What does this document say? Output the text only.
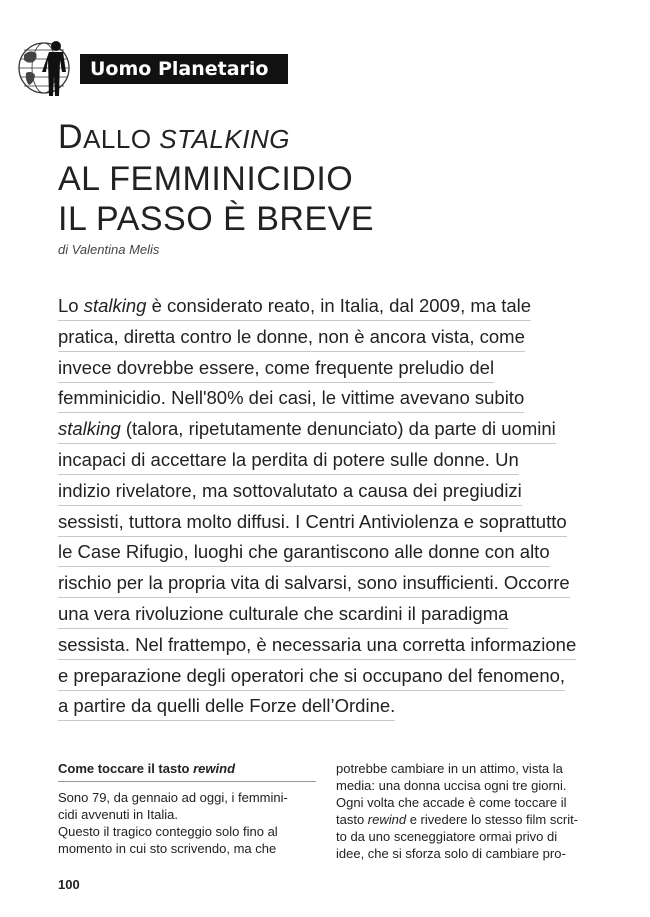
Uomo Planetario
DALLO STALKING
AL FEMMINICIDIO
IL PASSO È BREVE
di Valentina Melis
Lo stalking è considerato reato, in Italia, dal 2009, ma tale
pratica, diretta contro le donne, non è ancora vista, come
invece dovrebbe essere, come frequente preludio del
femminicidio. Nell'80% dei casi, le vittime avevano subito
stalking (talora, ripetutamente denunciato) da parte di uomini
incapaci di accettare la perdita di potere sulle donne. Un
indizio rivelatore, ma sottovalutato a causa dei pregiudizi
sessisti, tuttora molto diffusi. I Centri Antiviolenza e soprattutto
le Case Rifugio, luoghi che garantiscono alle donne con alto
rischio per la propria vita di salvarsi, sono insufficienti. Occorre
una vera rivoluzione culturale che scardini il paradigma
sessista. Nel frattempo, è necessaria una corretta informazione
e preparazione degli operatori che si occupano del fenomeno,
a partire da quelli delle Forze dell’Ordine.
Come toccare il tasto rewind
Sono 79, da gennaio ad oggi, i femmini-
cidi avvenuti in Italia.
Questo il tragico conteggio solo fino al
momento in cui sto scrivendo, ma che
potrebbe cambiare in un attimo, vista la
media: una donna uccisa ogni tre giorni.
Ogni volta che accade è come toccare il
tasto rewind e rivedere lo stesso film scrit-
to da uno sceneggiatore ormai privo di
idee, che si sforza solo di cambiare pro-
100
